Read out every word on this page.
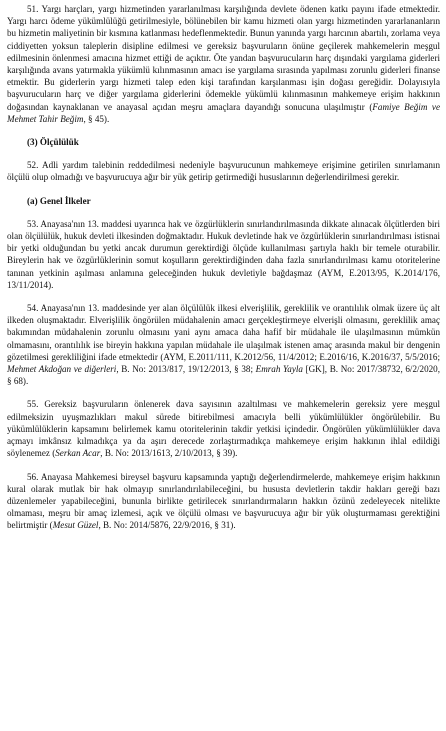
51. Yargı harçları, yargı hizmetinden yararlanılması karşılığında devlete ödenen katkı payını ifade etmektedir. Yargı harcı ödeme yükümlülüğü getirilmesiyle, bölünebilen bir kamu hizmeti olan yargı hizmetinden yararlananların bu hizmetin maliyetinin bir kısmına katlanması hedeflenmektedir. Bunun yanında yargı harcının abartılı, zorlama veya ciddiyetten yoksun taleplerin disipline edilmesi ve gereksiz başvuruların önüne geçilerek mahkemelerin meşgul edilmesinin önlenmesi amacına hizmet ettiği de açıktır. Öte yandan başvurucuların harç dışındaki yargılama giderleri karşılığında avans yatırmakla yükümlü kılınmasının amacı ise yargılama sırasında yapılması zorunlu giderleri finanse etmektir. Bu giderlerin yargı hizmeti talep eden kişi tarafından karşılanması işin doğası gereğidir. Dolayısıyla başvurucuların harç ve diğer yargılama giderlerini ödemekle yükümlü kılınmasının mahkemeye erişim hakkının doğasından kaynaklanan ve anayasal açıdan meşru amaçlara dayandığı sonucuna ulaşılmıştır (Famiye Beğim ve Mehmet Tahir Beğim, § 45).

(3) Ölçülülük

52. Adli yardım talebinin reddedilmesi nedeniyle başvurucunun mahkemeye erişimine getirilen sınırlamanın ölçülü olup olmadığı ve başvurucuya ağır bir yük getirip getirmediği hususlarının değerlendirilmesi gerekir.

(a) Genel İlkeler

53. Anayasa'nın 13. maddesi uyarınca hak ve özgürlüklerin sınırlandırılmasında dikkate alınacak ölçütlerden biri olan ölçülülük, hukuk devleti ilkesinden doğmaktadır. Hukuk devletinde hak ve özgürlüklerin sınırlandırılması istisnai bir yetki olduğundan bu yetki ancak durumun gerektirdiği ölçüde kullanılması şartıyla haklı bir temele oturabilir. Bireylerin hak ve özgürlüklerinin somut koşulların gerektirdiğinden daha fazla sınırlandırılması kamu otoritelerine tanınan yetkinin aşılması anlamına geleceğinden hukuk devletiyle bağdaşmaz (AYM, E.2013/95, K.2014/176, 13/11/2014).

54. Anayasa'nın 13. maddesinde yer alan ölçülülük ilkesi elverişlilik, gereklilik ve orantılılık olmak üzere üç alt ilkeden oluşmaktadır. Elverişlilik öngörülen müdahalenin amacı gerçekleştirmeye elverişli olmasını, gereklilik amaç bakımından müdahalenin zorunlu olmasını yani aynı amaca daha hafif bir müdahale ile ulaşılmasının mümkün olmamasını, orantılılık ise bireyin hakkına yapılan müdahale ile ulaşılmak istenen amaç arasında makul bir dengenin gözetilmesi gerekliliğini ifade etmektedir (AYM, E.2011/111, K.2012/56, 11/4/2012; E.2016/16, K.2016/37, 5/5/2016; Mehmet Akdoğan ve diğerleri, B. No: 2013/817, 19/12/2013, § 38; Emrah Yayla [GK], B. No: 2017/38732, 6/2/2020, § 68).

55. Gereksiz başvuruların önlenerek dava sayısının azaltılması ve mahkemelerin gereksiz yere meşgul edilmeksizin uyuşmazlıkları makul sürede bitirebilmesi amacıyla belli yükümlülükler öngörülebilir. Bu yükümlülüklerin kapsamını belirlemek kamu otoritelerinin takdir yetkisi içindedir. Öngörülen yükümlülükler dava açmayı imkânsız kılmadıkça ya da aşırı derecede zorlaştırmadıkça mahkemeye erişim hakkının ihlal edildiği söylenemez (Serkan Acar, B. No: 2013/1613, 2/10/2013, § 39).

56. Anayasa Mahkemesi bireysel başvuru kapsamında yaptığı değerlendirmelerde, mahkemeye erişim hakkının kural olarak mutlak bir hak olmayıp sınırlandırılabileceğini, bu hususta devletlerin takdir hakları gereği bazı düzenlemeler yapabileceğini, bununla birlikte getirilecek sınırlandırmaların hakkın özünü zedeleyecek nitelikte olmaması, meşru bir amaç izlemesi, açık ve ölçülü olması ve başvurucuya ağır bir yük oluşturmaması gerektiğini belirtmiştir (Mesut Güzel, B. No: 2014/5876, 22/9/2016, § 31).
